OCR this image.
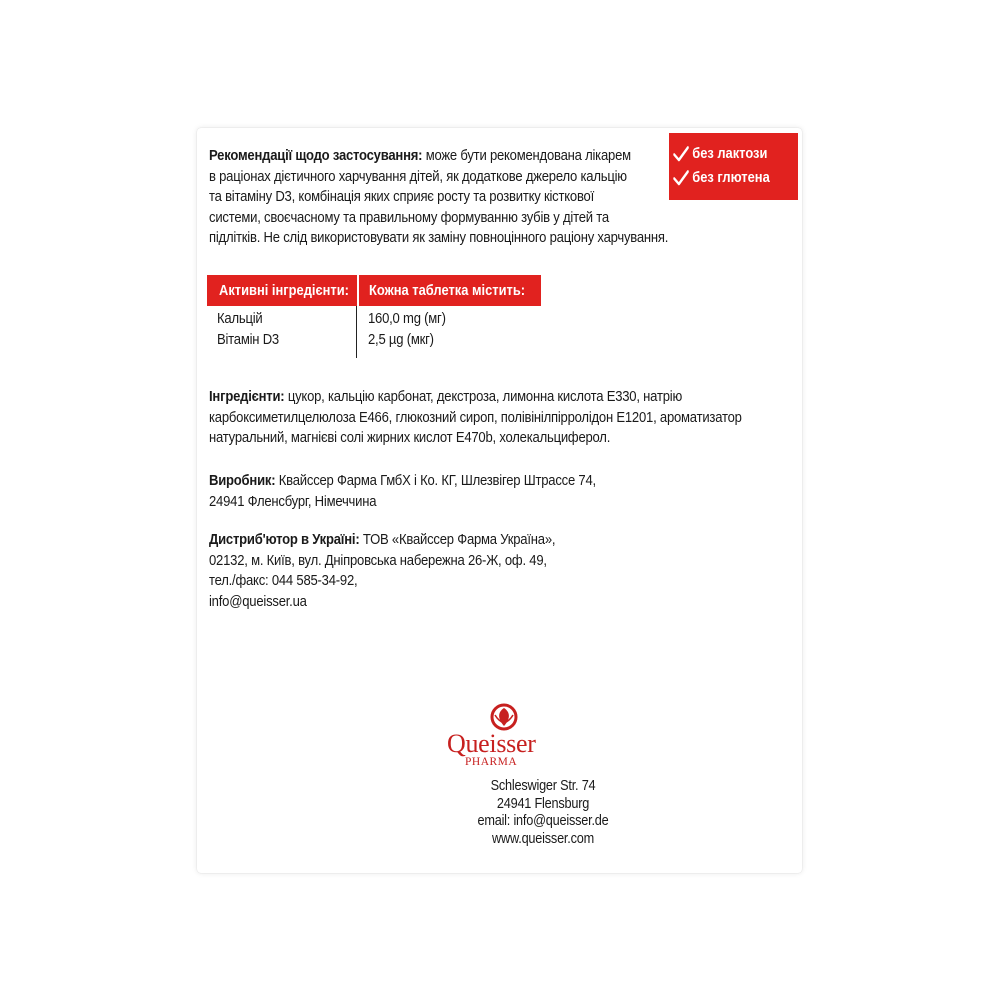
Рекомендації щодо застосування: може бути рекомендована лікарем
в раціонах дієтичного харчування дітей, як додаткове джерело кальцію
та вітаміну D3, комбінація яких сприяє росту та розвитку кісткової
системи, своєчасному та правильному формуванню зубів у дітей та
підлітків. Не слід використовувати як заміну повноцінного раціону харчування.
без лактози
без глютена
Активні інгредієнти: Кожна таблетка містить:
Кальцій
Вітамін D3
160,0 mg (мг)
2,5 µg (мкг)
Інгредієнти: цукор, кальцію карбонат, декстроза, лимонна кислота Е330, натрію
карбоксиметилцелюлоза Е466, глюкозний сироп, полівінілпірролідон Е1201, ароматизатор
натуральний, магнієві солі жирних кислот Е470b, холекальциферол.
Виробник: Квайссер Фарма ГмбХ і Ко. КГ, Шлезвігер Штрассе 74,
24941 Фленсбург, Німеччина
Дистриб'ютор в Україні: ТОВ «Квайссер Фарма Україна»,
02132, м. Київ, вул. Дніпровська набережна 26-Ж, оф. 49,
тел./факс: 044 585-34-92,
info@queisser.ua
Queisser
PHARMA
Schleswiger Str. 74
24941 Flensburg
email: info@queisser.de
www.queisser.com
